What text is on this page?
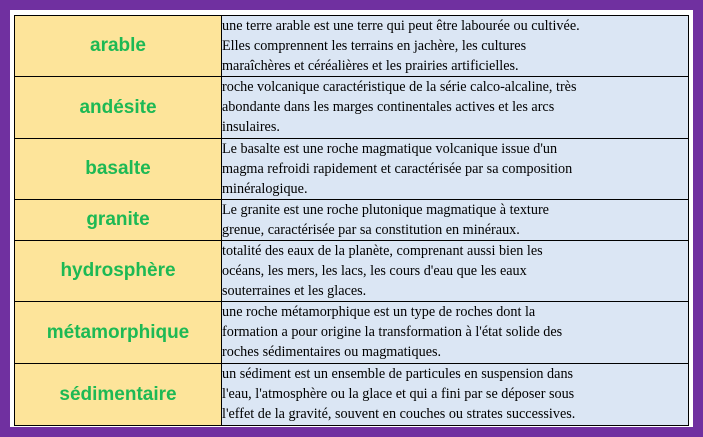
arable	une terre arable est une terre qui peut être labourée ou cultivée.
Elles comprennent les terrains en jachère, les cultures
maraîchères et céréalières et les prairies artificielles.

andésite	roche volcanique caractéristique de la série calco-alcaline, très
abondante dans les marges continentales actives et les arcs
insulaires.

basalte	Le basalte est une roche magmatique volcanique issue d'un
magma refroidi rapidement et caractérisée par sa composition
minéralogique.

granite	Le granite est une roche plutonique magmatique à texture
grenue, caractérisée par sa constitution en minéraux.

hydrosphère	totalité des eaux de la planète, comprenant aussi bien les
océans, les mers, les lacs, les cours d'eau que les eaux
souterraines et les glaces.

métamorphique	une roche métamorphique est un type de roches dont la
formation a pour origine la transformation à l'état solide des
roches sédimentaires ou magmatiques.

sédimentaire	un sédiment est un ensemble de particules en suspension dans
l'eau, l'atmosphère ou la glace et qui a fini par se déposer sous
l'effet de la gravité, souvent en couches ou strates successives.
